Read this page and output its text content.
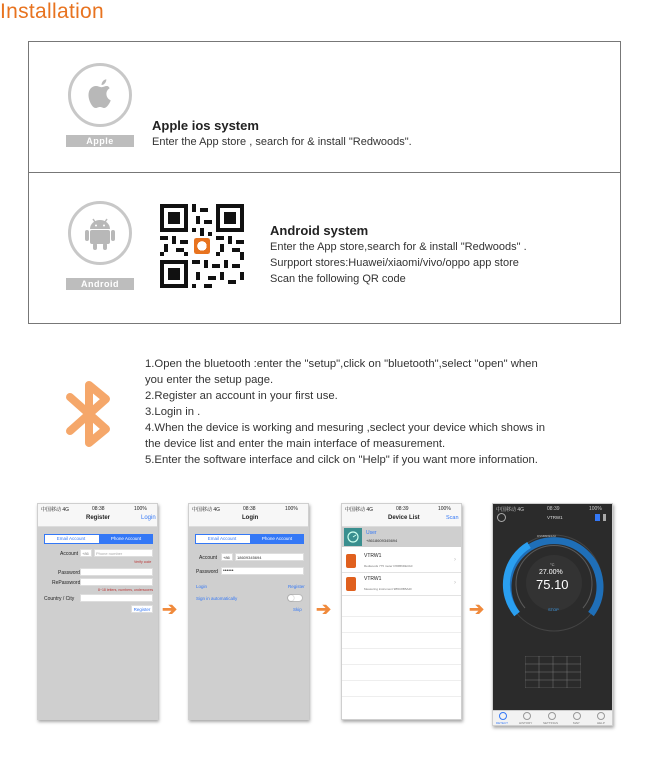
Installation
Apple
Apple ios system
Enter the App store , search for & install "Redwoods".
Android
Android system
Enter the App store,search for & install "Redwoods" .
Surpport stores:Huawei/xiaomi/vivo/oppo app store
Scan the following QR code
1.Open the bluetooth :enter the "setup",click on "bluetooth",select "open" when
you enter the setup page.
2.Register an account in your first use.
3.Login in .
4.When the device is working and mesuring ,seclect your device which shows in
the device list and enter the main interface of measurement.
5.Enter the software interface and cilck on "Help" if you want more information.
中国移动 4G	08:38	100%
Register	Login
Email Account	Phone Account
Account +86 Phone number
Verify code
Password
RePassword
8~18 letters, numbers, underscores
Country / City
Register ➔
中国移动 4G	08:38	100%
Login
Email Account	Phone Account
Account +86 18609345694
Password ••••••
Login	Register
Sign in automatically
Skip ➔
中国移动 4G	08:39	100%
Device List	Scan
User
+8618609345694
VTRW1
Redwoods 775 meter DS5B6DE3A0
›
VTRW1
Measuring instrument 9B5C8B5A2F
›
➔
中国移动 4G	08:39	100%
VTRW1
DS5B6DE3A0
°C
27.00%
75.10
STOP
DETECT	HISTORY	SETTINGS	MAP	HELP
